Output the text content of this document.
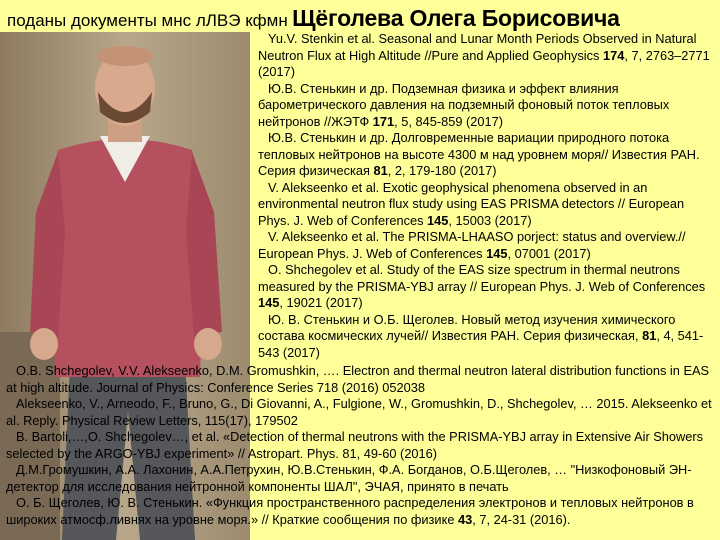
поданы документы мнс лЛВЭ кфмн Щёголева Олега Борисовича

Yu.V. Stenkin et al. Seasonal and Lunar Month Periods Observed in Natural Neutron Flux at High Altitude //Pure and Applied Geophysics 174, 7, 2763–2771 (2017)

Ю.В. Стенькин и др. Подземная физика и эффект влияния барометрического давления на подземный фоновый поток тепловых нейтронов //ЖЭТФ 171, 5, 845-859 (2017)

Ю.В. Стенькин и др. Долговременные вариации природного потока тепловых нейтронов на высоте 4300 м над уровнем моря// Известия РАН. Серия физическая 81, 2, 179-180 (2017)

V. Alekseenko et al. Exotic geophysical phenomena observed in an environmental neutron flux study using EAS PRISMA detectors // European Phys. J. Web of Conferences 145, 15003 (2017)

V. Alekseenko et al. The PRISMA-LHAASO porject: status and overview.// European Phys. J. Web of Conferences 145, 07001 (2017)

O. Shchegolev et al. Study of the EAS size spectrum in thermal neutrons measured by the PRISMA-YBJ array // European Phys. J. Web of Conferences 145, 19021 (2017)

Ю. В. Стенькин и О.Б. Щеголев. Новый метод изучения химического состава космических лучей// Известия РАН. Серия физическая, 81, 4, 541-543 (2017)

O.B. Shchegolev, V.V. Alekseenko, D.M. Gromushkin, …. Electron and thermal neutron lateral distribution functions in EAS at high altitude. Journal of Physics: Conference Series 718 (2016) 052038

Alekseenko, V., Arneodo, F., Bruno, G., Di Giovanni, A., Fulgione, W., Gromushkin, D., Shchegolev, … 2015. Alekseenko et al. Reply. Physical Review Letters, 115(17), 179502

B. Bartoli,…,O. Shchegolev…, et al. «Detection of thermal neutrons with the PRISMA-YBJ array in Extensive Air Showers selected by the ARGO-YBJ experiment» // Astropart. Phys. 81, 49-60 (2016)

Д.М.Громушкин, А.А. Лахонин, А.А.Петрухин, Ю.В.Стенькин, Ф.А. Богданов, О.Б.Щеголев, … "Низкофоновый ЭН-детектор для исследования нейтронной компоненты ШАЛ", ЭЧАЯ, принято в печать

О. Б. Щеголев, Ю. В. Стенькин. «Функция пространственного распределения электронов и тепловых нейтронов в широких атмосф.ливнях на уровне моря.» // Краткие сообщения по физике 43, 7, 24-31 (2016).
